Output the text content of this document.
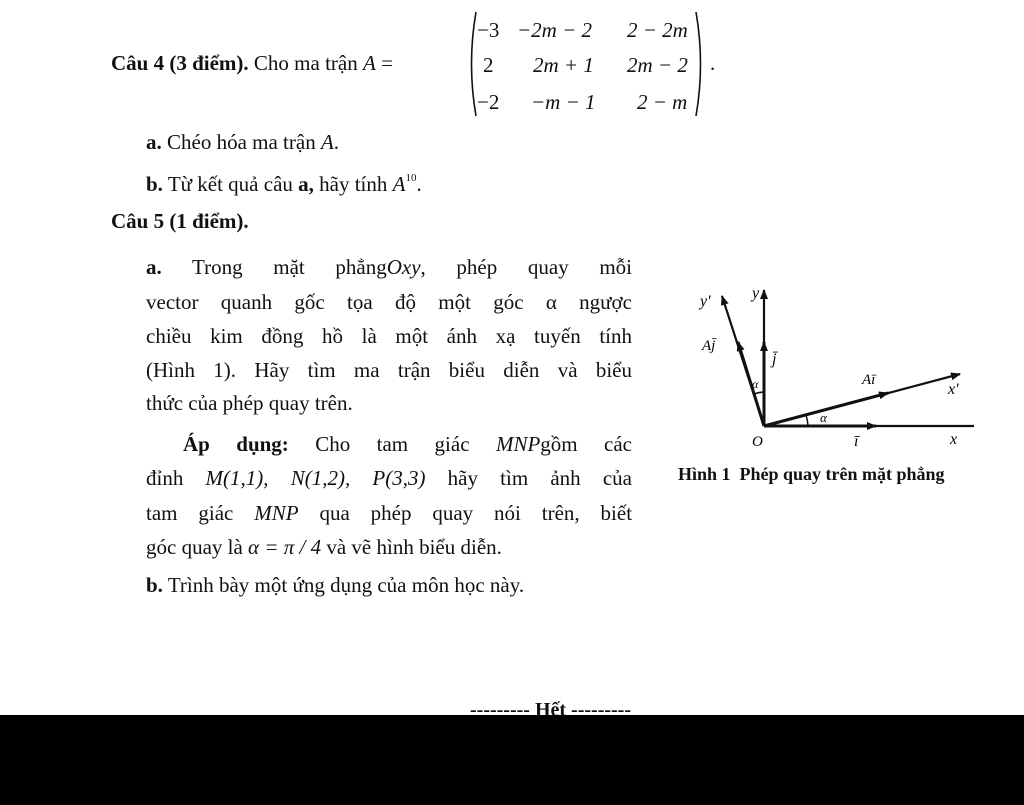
Câu 4 (3 điểm). Cho ma trận A =
−3 −2m − 2 2 − 2m
2 2m + 1 2m − 2
−2 −m − 1 2 − m
.
a. Chéo hóa ma trận A.
b. Từ kết quả câu a, hãy tính $A^{10}$.
Câu 5 (1 điểm).
a. Trong mặt phẳngOxy, phép quay mỗi
vector quanh gốc tọa độ một góc α ngược
chiều kim đồng hồ là một ánh xạ tuyến tính
(Hình 1). Hãy tìm ma trận biểu diễn và biểu
thức của phép quay trên.
Áp dụng: Cho tam giác MNPgồm các
đỉnh M(1,1), N(1,2), P(3,3) hãy tìm ảnh của
tam giác MNP qua phép quay nói trên, biết
góc quay là α = π / 4 và vẽ hình biểu diễn.
b. Trình bày một ứng dụng của môn học này.
y
y'
Aj̄
j̄
Aī
x'
α
α
O	ī	x
Hình 1  Phép quay trên mặt phẳng
--------- Hết ---------
